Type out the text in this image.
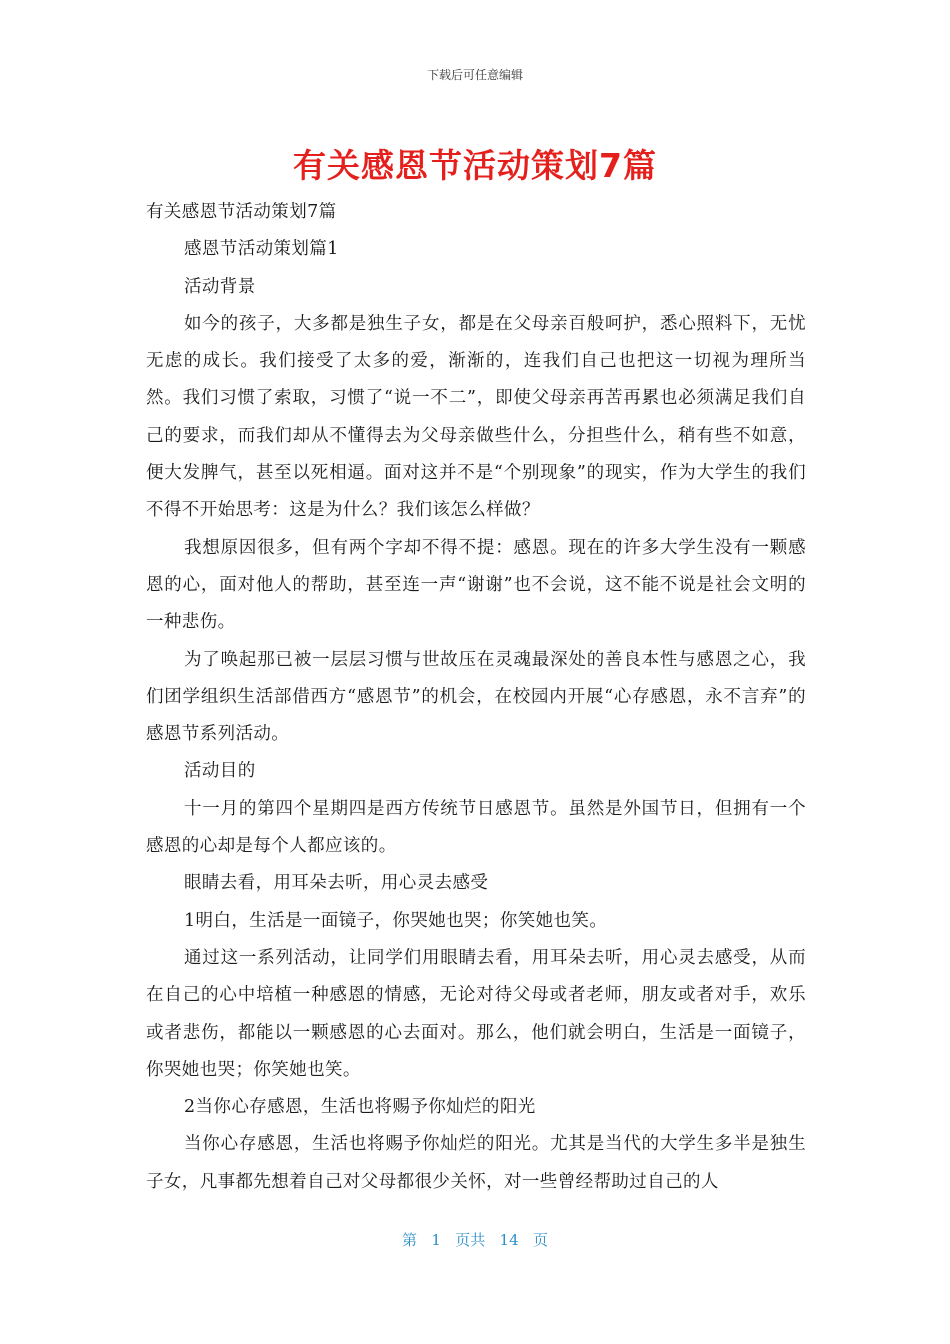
下载后可任意编辑
有关感恩节活动策划7篇

有关感恩节活动策划7篇

感恩节活动策划篇1

活动背景

如今的孩子，大多都是独生子女，都是在父母亲百般呵护，悉心照料下，无忧无虑的成长。我们接受了太多的爱，渐渐的，连我们自己也把这一切视为理所当然。我们习惯了索取，习惯了“说一不二”，即使父母亲再苦再累也必须满足我们自己的要求，而我们却从不懂得去为父母亲做些什么，分担些什么，稍有些不如意，便大发脾气，甚至以死相逼。面对这并不是“个别现象”的现实，作为大学生的我们不得不开始思考：这是为什么？我们该怎么样做？

我想原因很多，但有两个字却不得不提：感恩。现在的许多大学生没有一颗感恩的心，面对他人的帮助，甚至连一声“谢谢”也不会说，这不能不说是社会文明的一种悲伤。

为了唤起那已被一层层习惯与世故压在灵魂最深处的善良本性与感恩之心，我们团学组织生活部借西方“感恩节”的机会，在校园内开展“心存感恩，永不言弃”的感恩节系列活动。

活动目的

十一月的第四个星期四是西方传统节日感恩节。虽然是外国节日，但拥有一个感恩的心却是每个人都应该的。

眼睛去看，用耳朵去听，用心灵去感受

1明白，生活是一面镜子，你哭她也哭；你笑她也笑。

通过这一系列活动，让同学们用眼睛去看，用耳朵去听，用心灵去感受，从而在自己的心中培植一种感恩的情感，无论对待父母或者老师，朋友或者对手，欢乐或者悲伤，都能以一颗感恩的心去面对。那么，他们就会明白，生活是一面镜子，你哭她也哭；你笑她也笑。

2当你心存感恩，生活也将赐予你灿烂的阳光

当你心存感恩，生活也将赐予你灿烂的阳光。尤其是当代的大学生多半是独生子女，凡事都先想着自己对父母都很少关怀，对一些曾经帮助过自己的人

第 1 页共 14 页
